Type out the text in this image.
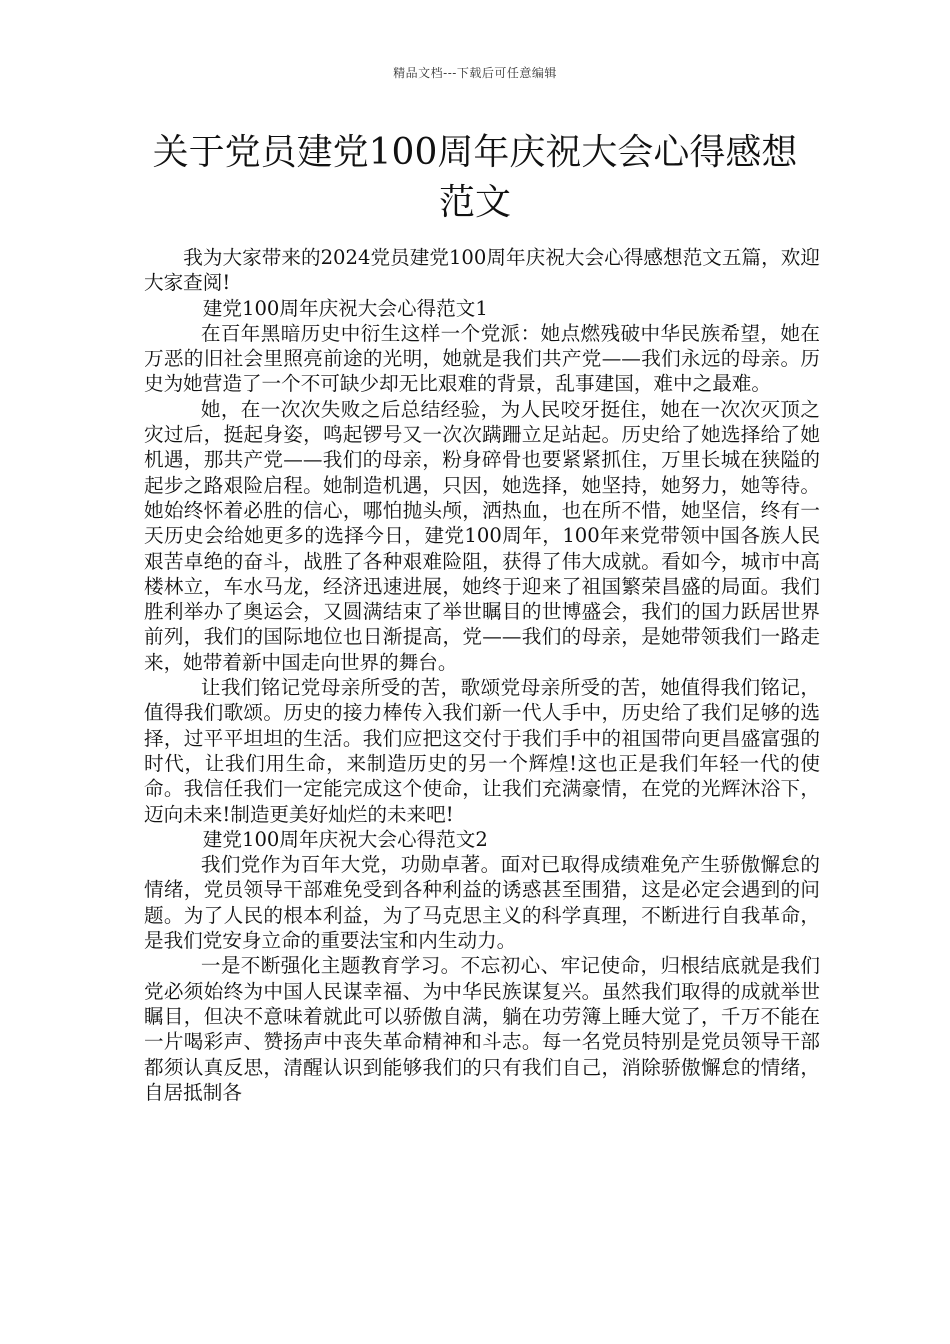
精品文档---下载后可任意编辑
关于党员建党100周年庆祝大会心得感想范文

我为大家带来的2024党员建党100周年庆祝大会心得感想范文五篇，欢迎大家查阅!

建党100周年庆祝大会心得范文1

在百年黑暗历史中衍生这样一个党派：她点燃残破中华民族希望，她在万恶的旧社会里照亮前途的光明，她就是我们共产党——我们永远的母亲。历史为她营造了一个不可缺少却无比艰难的背景，乱事建国，难中之最难。

她，在一次次失败之后总结经验，为人民咬牙挺住，她在一次次灭顶之灾过后，挺起身姿，鸣起锣号又一次次蹒跚立足站起。历史给了她选择给了她机遇，那共产党——我们的母亲，粉身碎骨也要紧紧抓住，万里长城在狭隘的起步之路艰险启程。她制造机遇，只因，她选择，她坚持，她努力，她等待。她始终怀着必胜的信心，哪怕抛头颅，洒热血，也在所不惜，她坚信，终有一天历史会给她更多的选择今日，建党100周年，100年来党带领中国各族人民艰苦卓绝的奋斗，战胜了各种艰难险阻，获得了伟大成就。看如今，城市中高楼林立，车水马龙，经济迅速进展，她终于迎来了祖国繁荣昌盛的局面。我们胜利举办了奥运会，又圆满结束了举世瞩目的世博盛会，我们的国力跃居世界前列，我们的国际地位也日渐提高，党——我们的母亲，是她带领我们一路走来，她带着新中国走向世界的舞台。

让我们铭记党母亲所受的苦，歌颂党母亲所受的苦，她值得我们铭记，值得我们歌颂。历史的接力棒传入我们新一代人手中，历史给了我们足够的选择，过平平坦坦的生活。我们应把这交付于我们手中的祖国带向更昌盛富强的时代，让我们用生命，来制造历史的另一个辉煌!这也正是我们年轻一代的使命。我信任我们一定能完成这个使命，让我们充满豪情，在党的光辉沐浴下，迈向未来!制造更美好灿烂的未来吧!

建党100周年庆祝大会心得范文2

我们党作为百年大党，功勋卓著。面对已取得成绩难免产生骄傲懈怠的情绪，党员领导干部难免受到各种利益的诱惑甚至围猎，这是必定会遇到的问题。为了人民的根本利益，为了马克思主义的科学真理，不断进行自我革命，是我们党安身立命的重要法宝和内生动力。

一是不断强化主题教育学习。不忘初心、牢记使命，归根结底就是我们党必须始终为中国人民谋幸福、为中华民族谋复兴。虽然我们取得的成就举世瞩目，但决不意味着就此可以骄傲自满，躺在功劳簿上睡大觉了，千万不能在一片喝彩声、赞扬声中丧失革命精神和斗志。每一名党员特别是党员领导干部都须认真反思，清醒认识到能够我们的只有我们自己，消除骄傲懈怠的情绪，自居抵制各
